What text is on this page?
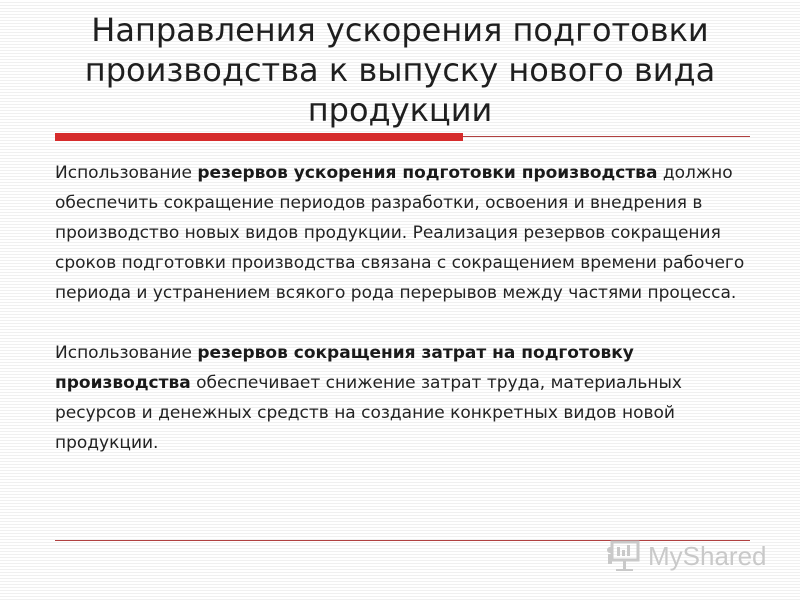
Направления ускорения подготовки производства к выпуску нового вида продукции

Использование резервов ускорения подготовки производства должно обеспечить сокращение периодов разработки, освоения и внедрения в производство новых видов продукции. Реализация резервов сокращения сроков подготовки производства связана с сокращением времени рабочего периода и устранением всякого рода перерывов между частями процесса.

Использование резервов сокращения затрат на подготовку производства обеспечивает снижение затрат труда, материальных ресурсов и денежных средств на создание конкретных видов новой продукции.

MyShared
